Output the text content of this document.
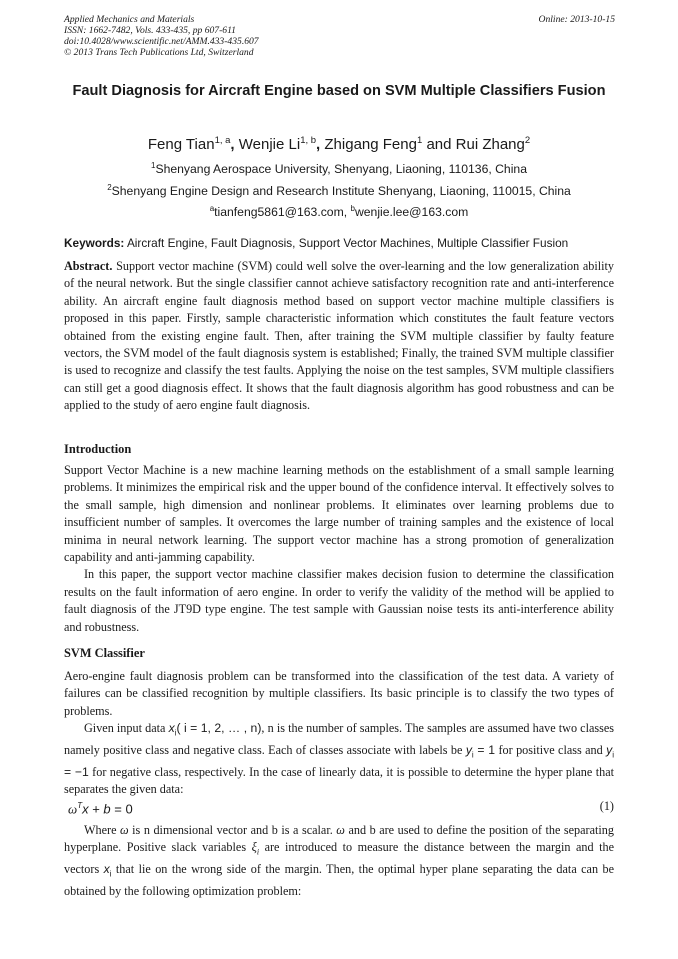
Applied Mechanics and Materials
ISSN: 1662-7482, Vols. 433-435, pp 607-611
doi:10.4028/www.scientific.net/AMM.433-435.607
© 2013 Trans Tech Publications Ltd, Switzerland
Online: 2013-10-15
Fault Diagnosis for Aircraft Engine based on SVM Multiple Classifiers Fusion
Feng Tian$^{1, a}$, Wenjie Li$^{1, b}$, Zhigang Feng$^1$ and Rui Zhang$^2$
$^1$Shenyang Aerospace University, Shenyang, Liaoning, 110136, China
$^2$Shenyang Engine Design and Research Institute Shenyang, Liaoning, 110015, China
$^a$tianfeng5861@163.com, $^b$wenjie.lee@163.com
Keywords: Aircraft Engine, Fault Diagnosis, Support Vector Machines, Multiple Classifier Fusion
Abstract. Support vector machine (SVM) could well solve the over-learning and the low generalization ability of the neural network. But the single classifier cannot achieve satisfactory recognition rate and anti-interference ability. An aircraft engine fault diagnosis method based on support vector machine multiple classifiers is proposed in this paper. Firstly, sample characteristic information which constitutes the fault feature vectors obtained from the existing engine fault. Then, after training the SVM multiple classifier by faulty feature vectors, the SVM model of the fault diagnosis system is established; Finally, the trained SVM multiple classifier is used to recognize and classify the test faults. Applying the noise on the test samples, SVM multiple classifiers can still get a good diagnosis effect. It shows that the fault diagnosis algorithm has good robustness and can be applied to the study of aero engine fault diagnosis.
Introduction
Support Vector Machine is a new machine learning methods on the establishment of a small sample learning problems. It minimizes the empirical risk and the upper bound of the confidence interval. It effectively solves to the small sample, high dimension and nonlinear problems. It eliminates over learning problems due to insufficient number of samples. It overcomes the large number of training samples and the existence of local minima in neural network learning. The support vector machine has a strong promotion of generalization capability and anti-jamming capability.
In this paper, the support vector machine classifier makes decision fusion to determine the classification results on the fault information of aero engine. In order to verify the validity of the method will be applied to fault diagnosis of the JT9D type engine. The test sample with Gaussian noise tests its anti-interference ability and robustness.
SVM Classifier
Aero-engine fault diagnosis problem can be transformed into the classification of the test data. A variety of failures can be classified recognition by multiple classifiers. Its basic principle is to classify the two types of problems.
Given input data $x_i$( i = 1, 2, … , n), n is the number of samples. The samples are assumed have two classes namely positive class and negative class. Each of classes associate with labels be $y_i = 1$ for positive class and $y_i = -1$ for negative class, respectively. In the case of linearly data, it is possible to determine the hyper plane that separates the given data:
$\omega^Tx + b = 0$	(1)
Where ω is n dimensional vector and b is a scalar. ω and b are used to define the position of the separating hyperplane. Positive slack variables $\xi_i$ are introduced to measure the distance between the margin and the vectors $x_i$ that lie on the wrong side of the margin. Then, the optimal hyper plane separating the data can be obtained by the following optimization problem:
